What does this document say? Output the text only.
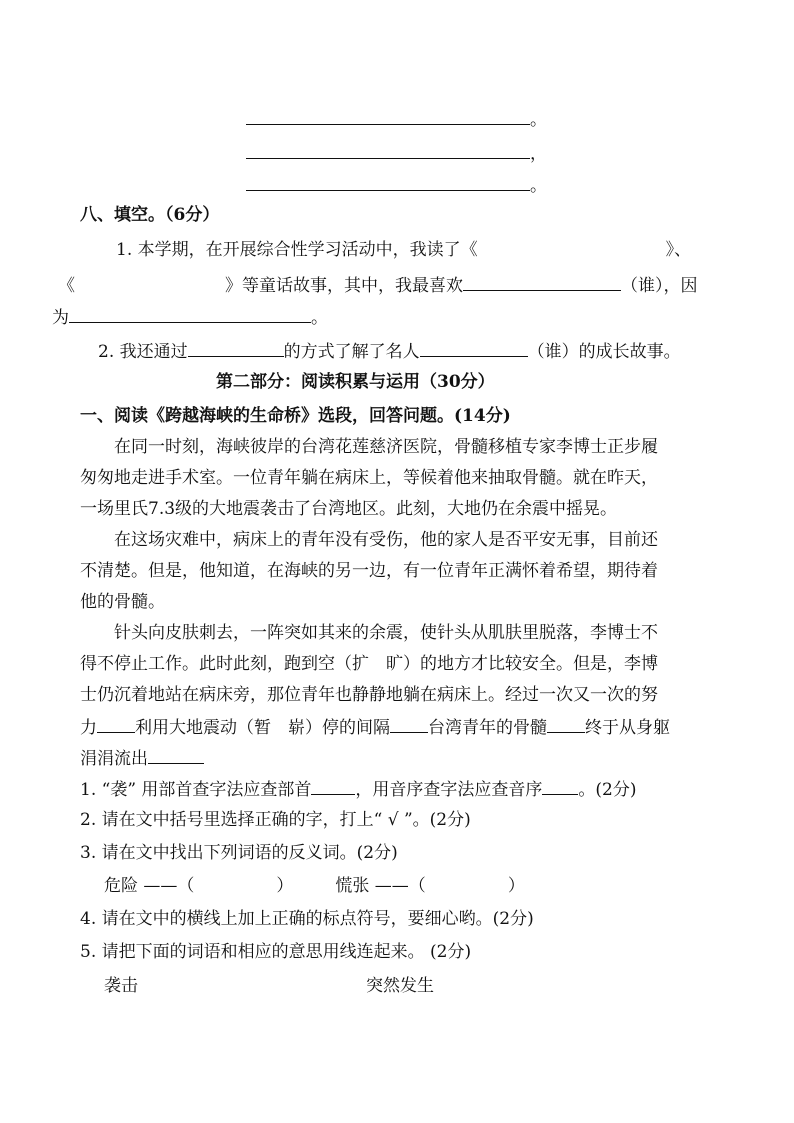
。
，
。
八、填空。（6分）
1. 本学期，在开展综合性学习活动中，我读了《	》、
《	》等童话故事，其中，我最喜欢	（谁），因
为	。
2. 我还通过	的方式了解了名人	（谁）的成长故事。
第二部分：阅读积累与运用（30分）
一、阅读《跨越海峡的生命桥》选段，回答问题。(14分)
在同一时刻，海峡彼岸的台湾花莲慈济医院，骨髓移植专家李博士正步履
匆匆地走进手术室。一位青年躺在病床上，等候着他来抽取骨髓。就在昨天，
一场里氏7.3级的大地震袭击了台湾地区。此刻，大地仍在余震中摇晃。
在这场灾难中，病床上的青年没有受伤，他的家人是否平安无事，目前还
不清楚。但是，他知道，在海峡的另一边，有一位青年正满怀着希望，期待着
他的骨髓。
针头向皮肤刺去，一阵突如其来的余震，使针头从肌肤里脱落，李博士不
得不停止工作。此时此刻，跑到空（扩　旷）的地方才比较安全。但是，李博
士仍沉着地站在病床旁，那位青年也静静地躺在病床上。经过一次又一次的努
力 利用大地震动（暂　崭）停的间隔 台湾青年的骨髓 终于从身躯
涓涓流出
1. “袭” 用部首查字法应查部首	，用音序查字法应查音序 。(2分)
2. 请在文中括号里选择正确的字，打上“ √ ”。(2分)
3. 请在文中找出下列词语的反义词。(2分)
危险 ——（	） 慌张 ——（	）
4. 请在文中的横线上加上正确的标点符号，要细心哟。(2分)
5. 请把下面的词语和相应的意思用线连起来。 (2分)
袭击	突然发生
